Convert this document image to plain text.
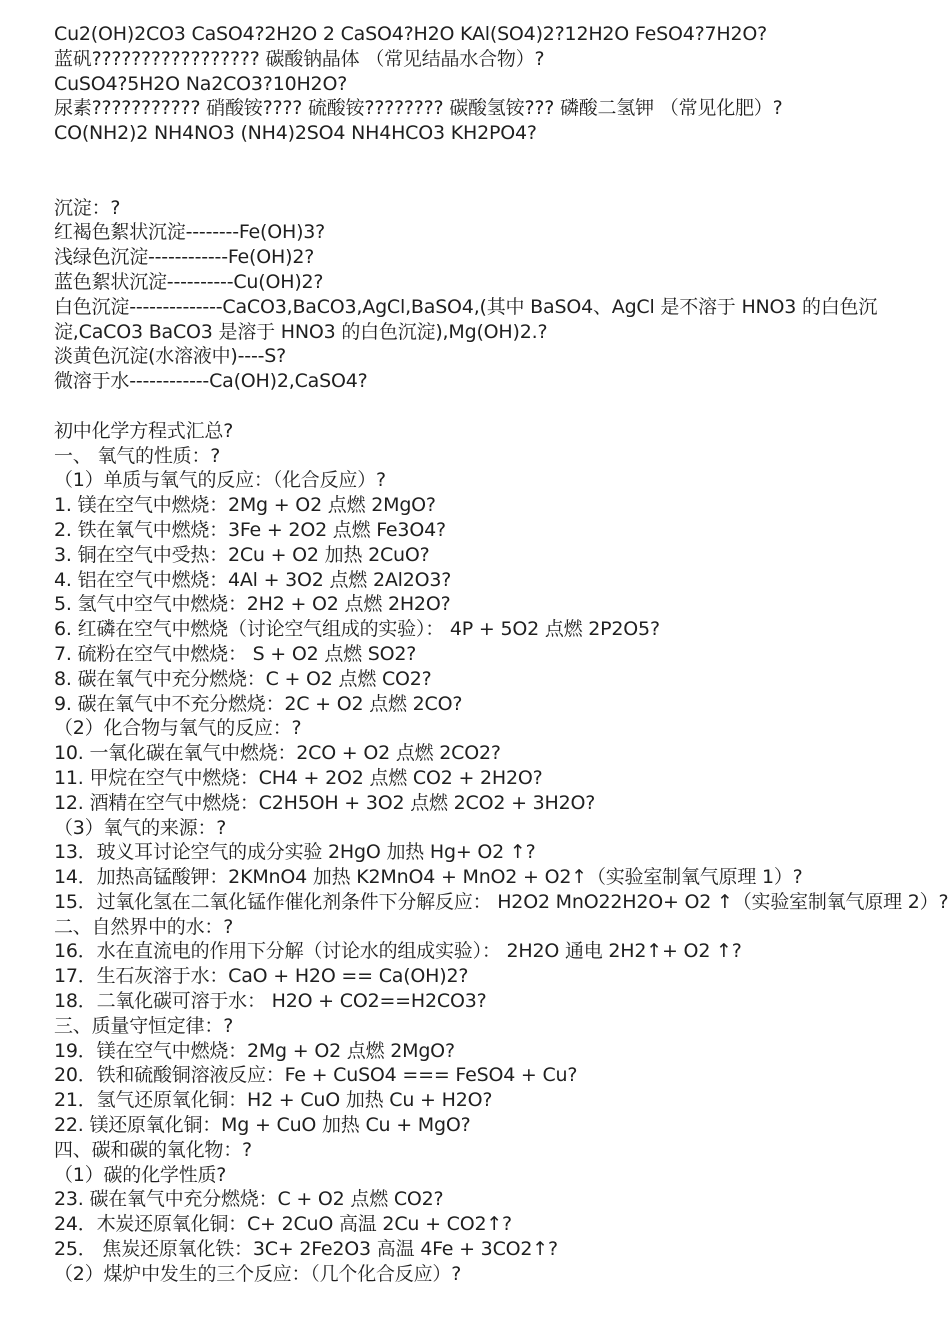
Cu2(OH)2CO3 CaSO4?2H2O 2 CaSO4?H2O KAl(SO4)2?12H2O FeSO4?7H2O?
蓝矾????????????????? 碳酸钠晶体 （常见结晶水合物）?
CuSO4?5H2O Na2CO3?10H2O?
尿素??????????? 硝酸铵???? 硫酸铵???????? 碳酸氢铵??? 磷酸二氢钾 （常见化肥）?
CO(NH2)2 NH4NO3 (NH4)2SO4 NH4HCO3 KH2PO4?
沉淀：?
红褐色絮状沉淀--------Fe(OH)3?
浅绿色沉淀------------Fe(OH)2?
蓝色絮状沉淀----------Cu(OH)2?
白色沉淀--------------CaCO3,BaCO3,AgCl,BaSO4,(其中 BaSO4、AgCl 是不溶于 HNO3 的白色沉淀,CaCO3 BaCO3 是溶于 HNO3 的白色沉淀),Mg(OH)2.?
淡黄色沉淀(水溶液中)----S?
微溶于水------------Ca(OH)2,CaSO4?
初中化学方程式汇总?
一、 氧气的性质：?
（1）单质与氧气的反应：（化合反应）?
1. 镁在空气中燃烧：2Mg + O2 点燃 2MgO?
2. 铁在氧气中燃烧：3Fe + 2O2 点燃 Fe3O4?
3. 铜在空气中受热：2Cu + O2 加热 2CuO?
4. 铝在空气中燃烧：4Al + 3O2 点燃 2Al2O3?
5. 氢气中空气中燃烧：2H2 + O2 点燃 2H2O?
6. 红磷在空气中燃烧（讨论空气组成的实验）： 4P + 5O2 点燃 2P2O5?
7. 硫粉在空气中燃烧： S + O2 点燃 SO2?
8. 碳在氧气中充分燃烧：C + O2 点燃 CO2?
9. 碳在氧气中不充分燃烧：2C + O2 点燃 2CO?
（2）化合物与氧气的反应：?
10. 一氧化碳在氧气中燃烧：2CO + O2 点燃 2CO2?
11. 甲烷在空气中燃烧：CH4 + 2O2 点燃 CO2 + 2H2O?
12. 酒精在空气中燃烧：C2H5OH + 3O2 点燃 2CO2 + 3H2O?
（3）氧气的来源：?
13．玻义耳讨论空气的成分实验 2HgO 加热 Hg+ O2 ↑?
14．加热高锰酸钾：2KMnO4 加热 K2MnO4 + MnO2 + O2↑（实验室制氧气原理 1）?
15．过氧化氢在二氧化锰作催化剂条件下分解反应： H2O2 MnO22H2O+ O2 ↑（实验室制氧气原理 2）?
二、自然界中的水：?
16．水在直流电的作用下分解（讨论水的组成实验）： 2H2O 通电 2H2↑+ O2 ↑?
17．生石灰溶于水：CaO + H2O == Ca(OH)2?
18．二氧化碳可溶于水： H2O + CO2==H2CO3?
三、质量守恒定律：?
19．镁在空气中燃烧：2Mg + O2 点燃 2MgO?
20．铁和硫酸铜溶液反应：Fe + CuSO4 === FeSO4 + Cu?
21．氢气还原氧化铜：H2 + CuO 加热 Cu + H2O?
22. 镁还原氧化铜：Mg + CuO 加热 Cu + MgO?
四、碳和碳的氧化物：?
（1）碳的化学性质?
23. 碳在氧气中充分燃烧：C + O2 点燃 CO2?
24．木炭还原氧化铜：C+ 2CuO 高温 2Cu + CO2↑?
25． 焦炭还原氧化铁：3C+ 2Fe2O3 高温 4Fe + 3CO2↑?
（2）煤炉中发生的三个反应：（几个化合反应）?
